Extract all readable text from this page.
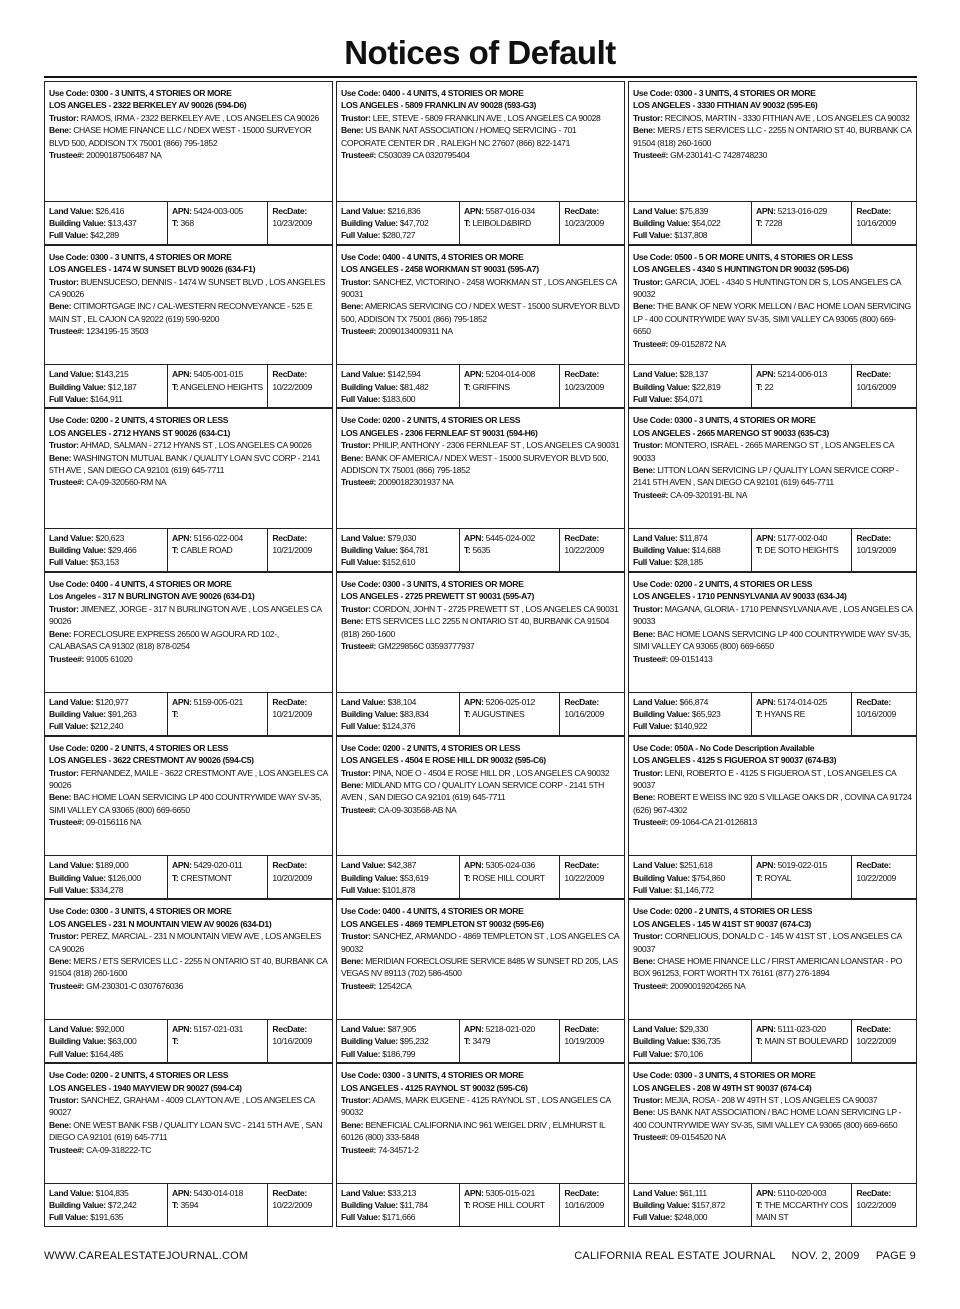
Notices of Default
Use Code: 0300 - 3 UNITS, 4 STORIES OR MORE
LOS ANGELES - 2322 BERKELEY AV 90026 (594-D6)
Trustor: RAMOS, IRMA - 2322 BERKELEY AVE , LOS ANGELES CA 90026
Bene: CHASE HOME FINANCE LLC / NDEX WEST - 15000 SURVEYOR BLVD 500, ADDISON TX 75001 (866) 795-1852
Trustee#: 20090187506487 NA
Land Value: $26,416
Building Value: $13,437
Full Value: $42,289
APN: 5424-003-005
T: 368
RecDate:
10/23/2009
Use Code: 0300 - 3 UNITS, 4 STORIES OR MORE
LOS ANGELES - 1474 W SUNSET BLVD 90026 (634-F1)
Trustor: BUENSUCESO, DENNIS - 1474 W SUNSET BLVD , LOS ANGELES CA 90026
Bene: CITIMORTGAGE INC / CAL-WESTERN RECONVEYANCE - 525 E MAIN ST , EL CAJON CA 92022 (619) 590-9200
Trustee#: 1234195-15 3503
Land Value: $143,215
Building Value: $12,187
Full Value: $164,911
APN: 5405-001-015
T: ANGELENO HEIGHTS
RecDate:
10/22/2009
Use Code: 0200 - 2 UNITS, 4 STORIES OR LESS
LOS ANGELES - 2712 HYANS ST 90026 (634-C1)
Trustor: AHMAD, SALMAN - 2712 HYANS ST , LOS ANGELES CA 90026
Bene: WASHINGTON MUTUAL BANK / QUALITY LOAN SVC CORP - 2141 5TH AVE , SAN DIEGO CA 92101 (619) 645-7711
Trustee#: CA-09-320560-RM NA
Land Value: $20,623
Building Value: $29,466
Full Value: $53,153
APN: 5156-022-004
T: CABLE ROAD
RecDate:
10/21/2009
Use Code: 0400 - 4 UNITS, 4 STORIES OR MORE
Los Angeles - 317 N BURLINGTON AVE 90026 (634-D1)
Trustor: JIMENEZ, JORGE - 317 N BURLINGTON AVE , LOS ANGELES CA 90026
Bene: FORECLOSURE EXPRESS 26500 W AGOURA RD 102-, CALABASAS CA 91302 (818) 878-0254
Trustee#: 91005 61020
Land Value: $120,977
Building Value: $91,263
Full Value: $212,240
APN: 5159-005-021
T:
RecDate:
10/21/2009
Use Code: 0200 - 2 UNITS, 4 STORIES OR LESS
LOS ANGELES - 3622 CRESTMONT AV 90026 (594-C5)
Trustor: FERNANDEZ, MAILE - 3622 CRESTMONT AVE , LOS ANGELES CA 90026
Bene: BAC HOME LOAN SERVICING LP 400 COUNTRYWIDE WAY SV-35, SIMI VALLEY CA 93065 (800) 669-6650
Trustee#: 09-0156116 NA
Land Value: $189,000
Building Value: $126,000
Full Value: $334,278
APN: 5429-020-011
T: CRESTMONT
RecDate:
10/20/2009
Use Code: 0300 - 3 UNITS, 4 STORIES OR MORE
LOS ANGELES - 231 N MOUNTAIN VIEW AV 90026 (634-D1)
Trustor: PEREZ, MARCIAL - 231 N MOUNTAIN VIEW AVE , LOS ANGELES CA 90026
Bene: MERS / ETS SERVICES LLC - 2255 N ONTARIO ST 40, BURBANK CA 91504 (818) 260-1600
Trustee#: GM-230301-C 0307676036
Land Value: $92,000
Building Value: $63,000
Full Value: $164,485
APN: 5157-021-031
T:
RecDate:
10/16/2009
Use Code: 0200 - 2 UNITS, 4 STORIES OR LESS
LOS ANGELES - 1940 MAYVIEW DR 90027 (594-C4)
Trustor: SANCHEZ, GRAHAM - 4009 CLAYTON AVE , LOS ANGELES CA 90027
Bene: ONE WEST BANK FSB / QUALITY LOAN SVC - 2141 5TH AVE , SAN DIEGO CA 92101 (619) 645-7711
Trustee#: CA-09-318222-TC
Land Value: $104,835
Building Value: $72,242
Full Value: $191,635
APN: 5430-014-018
T: 3594
RecDate:
10/22/2009
Use Code: 0400 - 4 UNITS, 4 STORIES OR MORE
LOS ANGELES - 5809 FRANKLIN AV 90028 (593-G3)
Trustor: LEE, STEVE - 5809 FRANKLIN AVE , LOS ANGELES CA 90028
Bene: US BANK NAT ASSOCIATION / HOMEQ SERVICING - 701 COPORATE CENTER DR , RALEIGH NC 27607 (866) 822-1471
Trustee#: C503039 CA 0320795404
Land Value: $216,836
Building Value: $47,702
Full Value: $280,727
APN: 5587-016-034
T: LEIBOLD&BIRD
RecDate:
10/23/2009
Use Code: 0400 - 4 UNITS, 4 STORIES OR MORE
LOS ANGELES - 2458 WORKMAN ST 90031 (595-A7)
Trustor: SANCHEZ, VICTORINO - 2458 WORKMAN ST , LOS ANGELES CA 90031
Bene: AMERICAS SERVICING CO / NDEX WEST - 15000 SURVEYOR BLVD 500, ADDISON TX 75001 (866) 795-1852
Trustee#: 20090134009311 NA
Land Value: $142,594
Building Value: $81,482
Full Value: $183,600
APN: 5204-014-008
T: GRIFFINS
RecDate:
10/23/2009
Use Code: 0200 - 2 UNITS, 4 STORIES OR LESS
LOS ANGELES - 2306 FERNLEAF ST 90031 (594-H6)
Trustor: PHILIP, ANTHONY - 2306 FERNLEAF ST , LOS ANGELES CA 90031
Bene: BANK OF AMERICA / NDEX WEST - 15000 SURVEYOR BLVD 500, ADDISON TX 75001 (866) 795-1852
Trustee#: 20090182301937 NA
Land Value: $79,030
Building Value: $64,781
Full Value: $152,610
APN: 5445-024-002
T: 5635
RecDate:
10/22/2009
Use Code: 0300 - 3 UNITS, 4 STORIES OR MORE
LOS ANGELES - 2725 PREWETT ST 90031 (595-A7)
Trustor: CORDON, JOHN T - 2725 PREWETT ST , LOS ANGELES CA 90031
Bene: ETS SERVICES LLC 2255 N ONTARIO ST 40, BURBANK CA 91504 (818) 260-1600
Trustee#: GM229856C 03593777937
Land Value: $38,104
Building Value: $83,834
Full Value: $124,376
APN: 5206-025-012
T: AUGUSTINES
RecDate:
10/16/2009
Use Code: 0200 - 2 UNITS, 4 STORIES OR LESS
LOS ANGELES - 4504 E ROSE HILL DR 90032 (595-C6)
Trustor: PINA, NOE O - 4504 E ROSE HILL DR , LOS ANGELES CA 90032
Bene: MIDLAND MTG CO / QUALITY LOAN SERVICE CORP - 2141 5TH AVEN , SAN DIEGO CA 92101 (619) 645-7711
Trustee#: CA-09-303568-AB NA
Land Value: $42,387
Building Value: $53,619
Full Value: $101,878
APN: 5305-024-036
T: ROSE HILL COURT
RecDate:
10/22/2009
Use Code: 0400 - 4 UNITS, 4 STORIES OR MORE
LOS ANGELES - 4869 TEMPLETON ST 90032 (595-E6)
Trustor: SANCHEZ, ARMANDO - 4869 TEMPLETON ST , LOS ANGELES CA 90032
Bene: MERIDIAN FORECLOSURE SERVICE 8485 W SUNSET RD 205, LAS VEGAS NV 89113 (702) 586-4500
Trustee#: 12542CA
Land Value: $87,905
Building Value: $95,232
Full Value: $186,799
APN: 5218-021-020
T: 3479
RecDate:
10/19/2009
Use Code: 0300 - 3 UNITS, 4 STORIES OR MORE
LOS ANGELES - 4125 RAYNOL ST 90032 (595-C6)
Trustor: ADAMS, MARK EUGENE - 4125 RAYNOL ST , LOS ANGELES CA 90032
Bene: BENEFICIAL CALIFORNIA INC 961 WEIGEL DRIV , ELMHURST IL 60126 (800) 333-5848
Trustee#: 74-34571-2
Land Value: $33,213
Building Value: $11,784
Full Value: $171,666
APN: 5305-015-021
T: ROSE HILL COURT
RecDate:
10/16/2009
Use Code: 0300 - 3 UNITS, 4 STORIES OR MORE
LOS ANGELES - 3330 FITHIAN AV 90032 (595-E6)
Trustor: RECINOS, MARTIN - 3330 FITHIAN AVE , LOS ANGELES CA 90032
Bene: MERS / ETS SERVICES LLC - 2255 N ONTARIO ST 40, BURBANK CA 91504 (818) 260-1600
Trustee#: GM-230141-C 7428748230
Land Value: $75,839
Building Value: $54,022
Full Value: $137,808
APN: 5213-016-029
T: 7228
RecDate:
10/16/2009
Use Code: 0500 - 5 OR MORE UNITS, 4 STORIES OR LESS
LOS ANGELES - 4340 S HUNTINGTON DR 90032 (595-D6)
Trustor: GARCIA, JOEL - 4340 S HUNTINGTON DR S, LOS ANGELES CA 90032
Bene: THE BANK OF NEW YORK MELLON / BAC HOME LOAN SERVICING LP - 400 COUNTRYWIDE WAY SV-35, SIMI VALLEY CA 93065 (800) 669-6650
Trustee#: 09-0152872 NA
Land Value: $28,137
Building Value: $22,819
Full Value: $54,071
APN: 5214-006-013
T: 22
RecDate:
10/16/2009
Use Code: 0300 - 3 UNITS, 4 STORIES OR MORE
LOS ANGELES - 2665 MARENGO ST 90033 (635-C3)
Trustor: MONTERO, ISRAEL - 2665 MARENGO ST , LOS ANGELES CA 90033
Bene: LITTON LOAN SERVICING LP / QUALITY LOAN SERVICE CORP - 2141 5TH AVEN , SAN DIEGO CA 92101 (619) 645-7711
Trustee#: CA-09-320191-BL NA
Land Value: $11,874
Building Value: $14,688
Full Value: $28,185
APN: 5177-002-040
T: DE SOTO HEIGHTS
RecDate:
10/19/2009
Use Code: 0200 - 2 UNITS, 4 STORIES OR LESS
LOS ANGELES - 1710 PENNSYLVANIA AV 90033 (634-J4)
Trustor: MAGANA, GLORIA - 1710 PENNSYLVANIA AVE , LOS ANGELES CA 90033
Bene: BAC HOME LOANS SERVICING LP 400 COUNTRYWIDE WAY SV-35, SIMI VALLEY CA 93065 (800) 669-6650
Trustee#: 09-0151413
Land Value: $66,874
Building Value: $65,923
Full Value: $140,922
APN: 5174-014-025
T: HYANS RE
RecDate:
10/16/2009
Use Code: 050A - No Code Description Available
LOS ANGELES - 4125 S FIGUEROA ST 90037 (674-B3)
Trustor: LENI, ROBERTO E - 4125 S FIGUEROA ST , LOS ANGELES CA 90037
Bene: ROBERT E WEISS INC 920 S VILLAGE OAKS DR , COVINA CA 91724 (626) 967-4302
Trustee#: 09-1064-CA 21-0126813
Land Value: $251,618
Building Value: $754,860
Full Value: $1,146,772
APN: 5019-022-015
T: ROYAL
RecDate:
10/22/2009
Use Code: 0200 - 2 UNITS, 4 STORIES OR LESS
LOS ANGELES - 145 W 41ST ST 90037 (674-C3)
Trustor: CORNELIOUS, DONALD C - 145 W 41ST ST , LOS ANGELES CA 90037
Bene: CHASE HOME FINANCE LLC / FIRST AMERICAN LOANSTAR - PO BOX 961253, FORT WORTH TX 76161 (877) 276-1894
Trustee#: 20090019204265 NA
Land Value: $29,330
Building Value: $36,735
Full Value: $70,106
APN: 5111-023-020
T: MAIN ST BOULEVARD
RecDate:
10/22/2009
Use Code: 0300 - 3 UNITS, 4 STORIES OR MORE
LOS ANGELES - 208 W 49TH ST 90037 (674-C4)
Trustor: MEJIA, ROSA - 208 W 49TH ST , LOS ANGELES CA 90037
Bene: US BANK NAT ASSOCIATION / BAC HOME LOAN SERVICING LP - 400 COUNTRYWIDE WAY SV-35, SIMI VALLEY CA 93065 (800) 669-6650
Trustee#: 09-0154520 NA
Land Value: $61,111
Building Value: $157,872
Full Value: $248,000
APN: 5110-020-003
T: THE MCCARTHY COS MAIN ST
RecDate:
10/22/2009
WWW.CAREALESTATEJOURNAL.COM	CALIFORNIA REAL ESTATE JOURNAL     NOV. 2, 2009     PAGE 9
